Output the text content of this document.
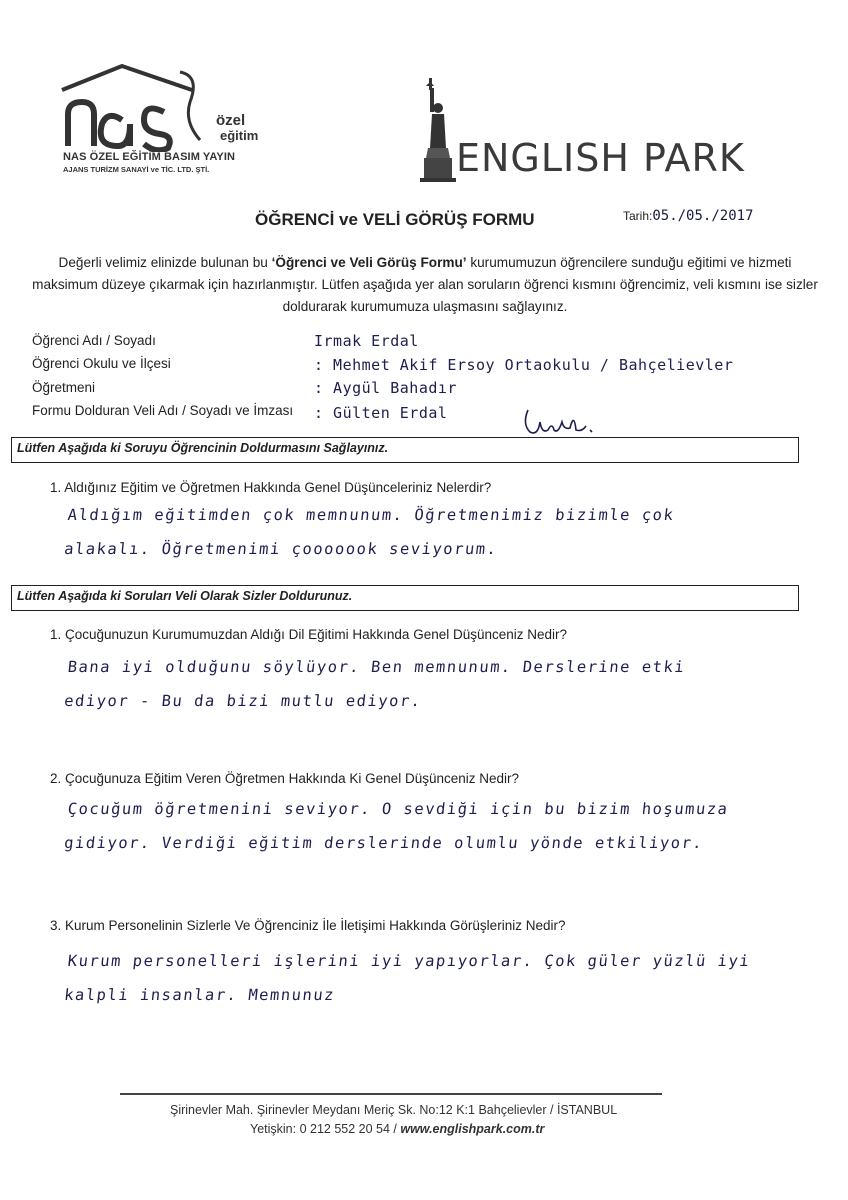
özel
eğitim
NAS ÖZEL EĞİTİM BASIM YAYIN
AJANS TURİZM SANAYİ ve TİC. LTD. ŞTİ.	ENGLISH PARK
ÖĞRENCİ ve VELİ GÖRÜŞ FORMU	Tarih:05./05./2017
Değerli velimiz elinizde bulunan bu ‘Öğrenci ve Veli Görüş Formu’ kurumumuzun öğrencilere sunduğu eğitimi ve hizmeti maksimum düzeye çıkarmak için hazırlanmıştır. Lütfen aşağıda yer alan soruların öğrenci kısmını öğrencimiz, veli kısmını ise sizler doldurarak kurumumuza ulaşmasını sağlayınız.
Öğrenci Adı / Soyadı	Irmak Erdal
Öğrenci Okulu ve İlçesi	: Mehmet Akif Ersoy Ortaokulu / Bahçelievler
Öğretmeni	: Aygül Bahadır
Formu Dolduran Veli Adı / Soyadı ve İmzası : Gülten Erdal
Lütfen Aşağıda ki Soruyu Öğrencinin Doldurmasını Sağlayınız.
1. Aldığınız Eğitim ve Öğretmen Hakkında Genel Düşünceleriniz Nelerdir?
Aldığım eğitimden çok memnunum. Öğretmenimiz bizimle çok
alakalı. Öğretmenimi çooooook seviyorum.
Lütfen Aşağıda ki Soruları Veli Olarak Sizler Doldurunuz.
1. Çocuğunuzun Kurumumuzdan Aldığı Dil Eğitimi Hakkında Genel Düşünceniz Nedir?
Bana iyi olduğunu söylüyor. Ben memnunum. Derslerine etki
ediyor - Bu da bizi mutlu ediyor.
2. Çocuğunuza Eğitim Veren Öğretmen Hakkında Ki Genel Düşünceniz Nedir?
Çocuğum öğretmenini seviyor. O sevdiği için bu bizim hoşumuza
gidiyor. Verdiği eğitim derslerinde olumlu yönde etkiliyor.
3. Kurum Personelinin Sizlerle Ve Öğrenciniz İle İletişimi Hakkında Görüşleriniz Nedir?
Kurum personelleri işlerini iyi yapıyorlar. Çok güler yüzlü iyi
kalpli insanlar. Memnunuz
Şirinevler Mah. Şirinevler Meydanı Meriç Sk. No:12 K:1 Bahçelievler / İSTANBUL
Yetişkin: 0 212 552 20 54 / www.englishpark.com.tr
